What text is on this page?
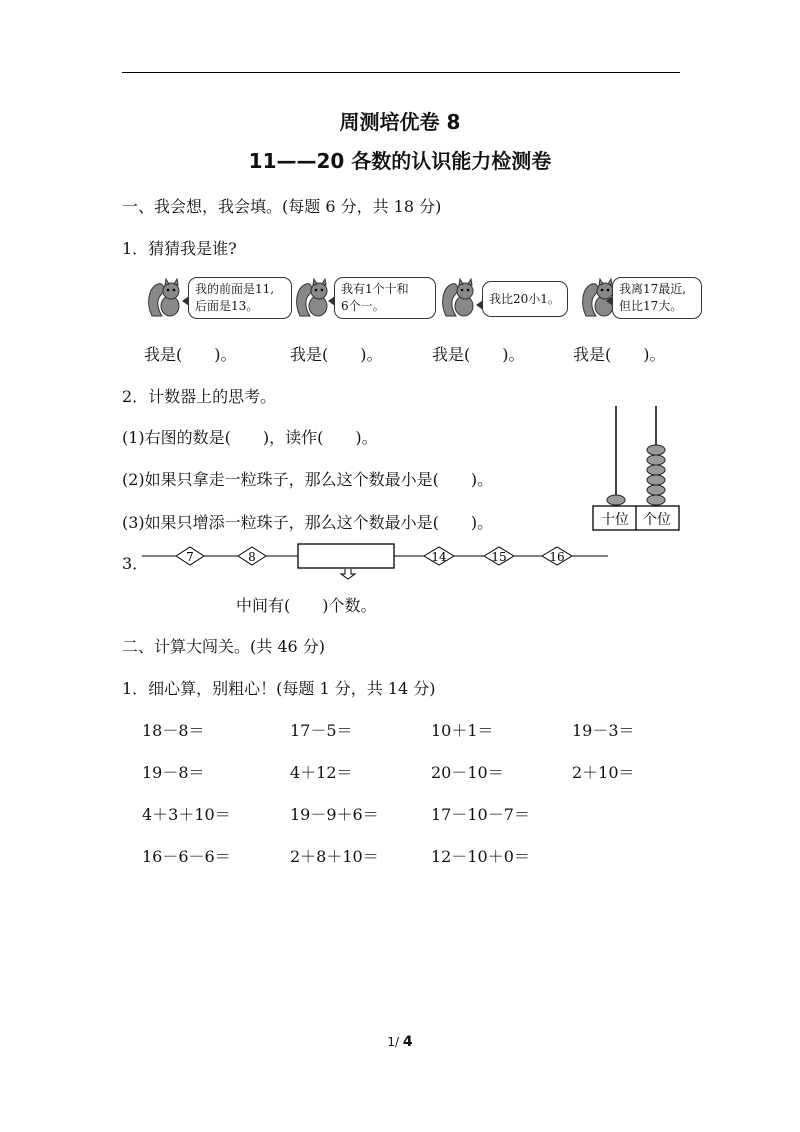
周测培优卷 8
11——20 各数的认识能力检测卷
一、我会想，我会填。(每题 6 分，共 18 分)
1．猜猜我是谁?
我的前面是11,
后面是13。
我有1个十和
6个一。
我比20小1。
我离17最近,
但比17大。
我是(　　)。	我是(　　)。	我是(　　)。	我是(　　)。
2．计数器上的思考。
(1)右图的数是(　　)，读作(　　)。
(2)如果只拿走一粒珠子，那么这个数最小是(　　)。
(3)如果只增添一粒珠子，那么这个数最小是(　　)。	十位 个位
3．	7	8	14	15	16
中间有(　　)个数。
二、计算大闯关。(共 46 分)
1．细心算，别粗心！(每题 1 分，共 14 分)
18－8＝	17－5＝	10＋1＝	19－3＝
19－8＝	4＋12＝	20－10＝	2＋10＝
4＋3＋10＝	19－9＋6＝	17－10－7＝
16－6－6＝	2＋8＋10＝	12－10＋0＝
1/ 4
